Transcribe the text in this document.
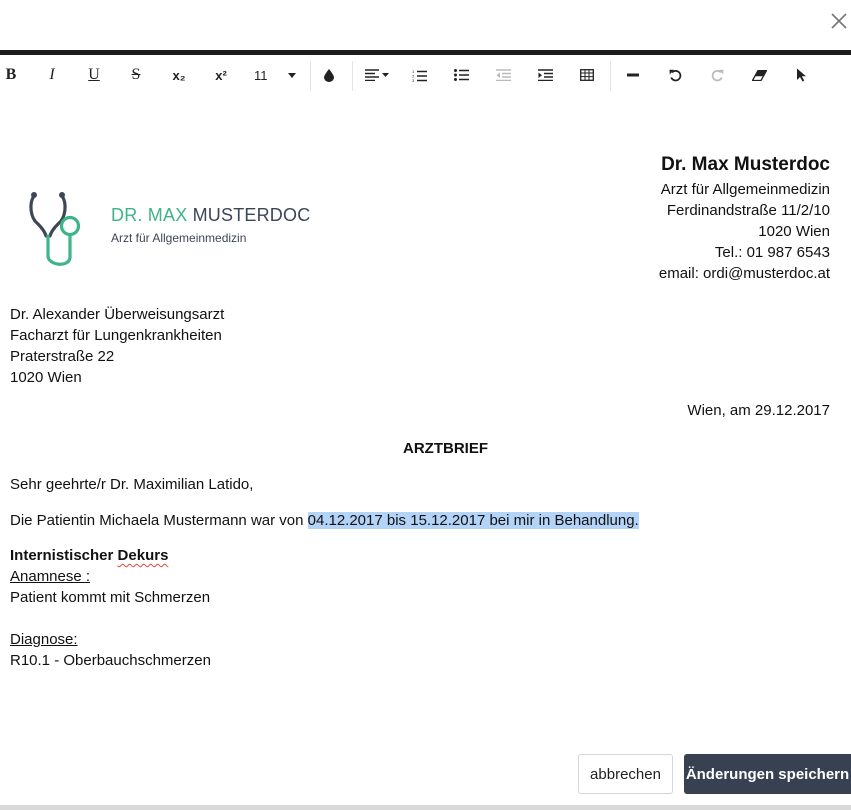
B I U S x₂ x² 11	1
2
3
DR. MAX MUSTERDOC
Arzt für Allgemeinmedizin
Dr. Max Musterdoc
Arzt für Allgemeinmedizin
Ferdinandstraße 11/2/10
1020 Wien
Tel.: 01 987 6543
email: ordi@musterdoc.at
Dr. Alexander Überweisungsarzt
Facharzt für Lungenkrankheiten
Praterstraße 22
1020 Wien
Wien, am 29.12.2017
ARZTBRIEF
Sehr geehrte/r Dr. Maximilian Latido,
Die Patientin Michaela Mustermann war von 04.12.2017 bis 15.12.2017 bei mir in Behandlung.
Internistischer Dekurs
Anamnese :
Patient kommt mit Schmerzen
Diagnose:
R10.1 - Oberbauchschmerzen
abbrechen	Änderungen speichern
